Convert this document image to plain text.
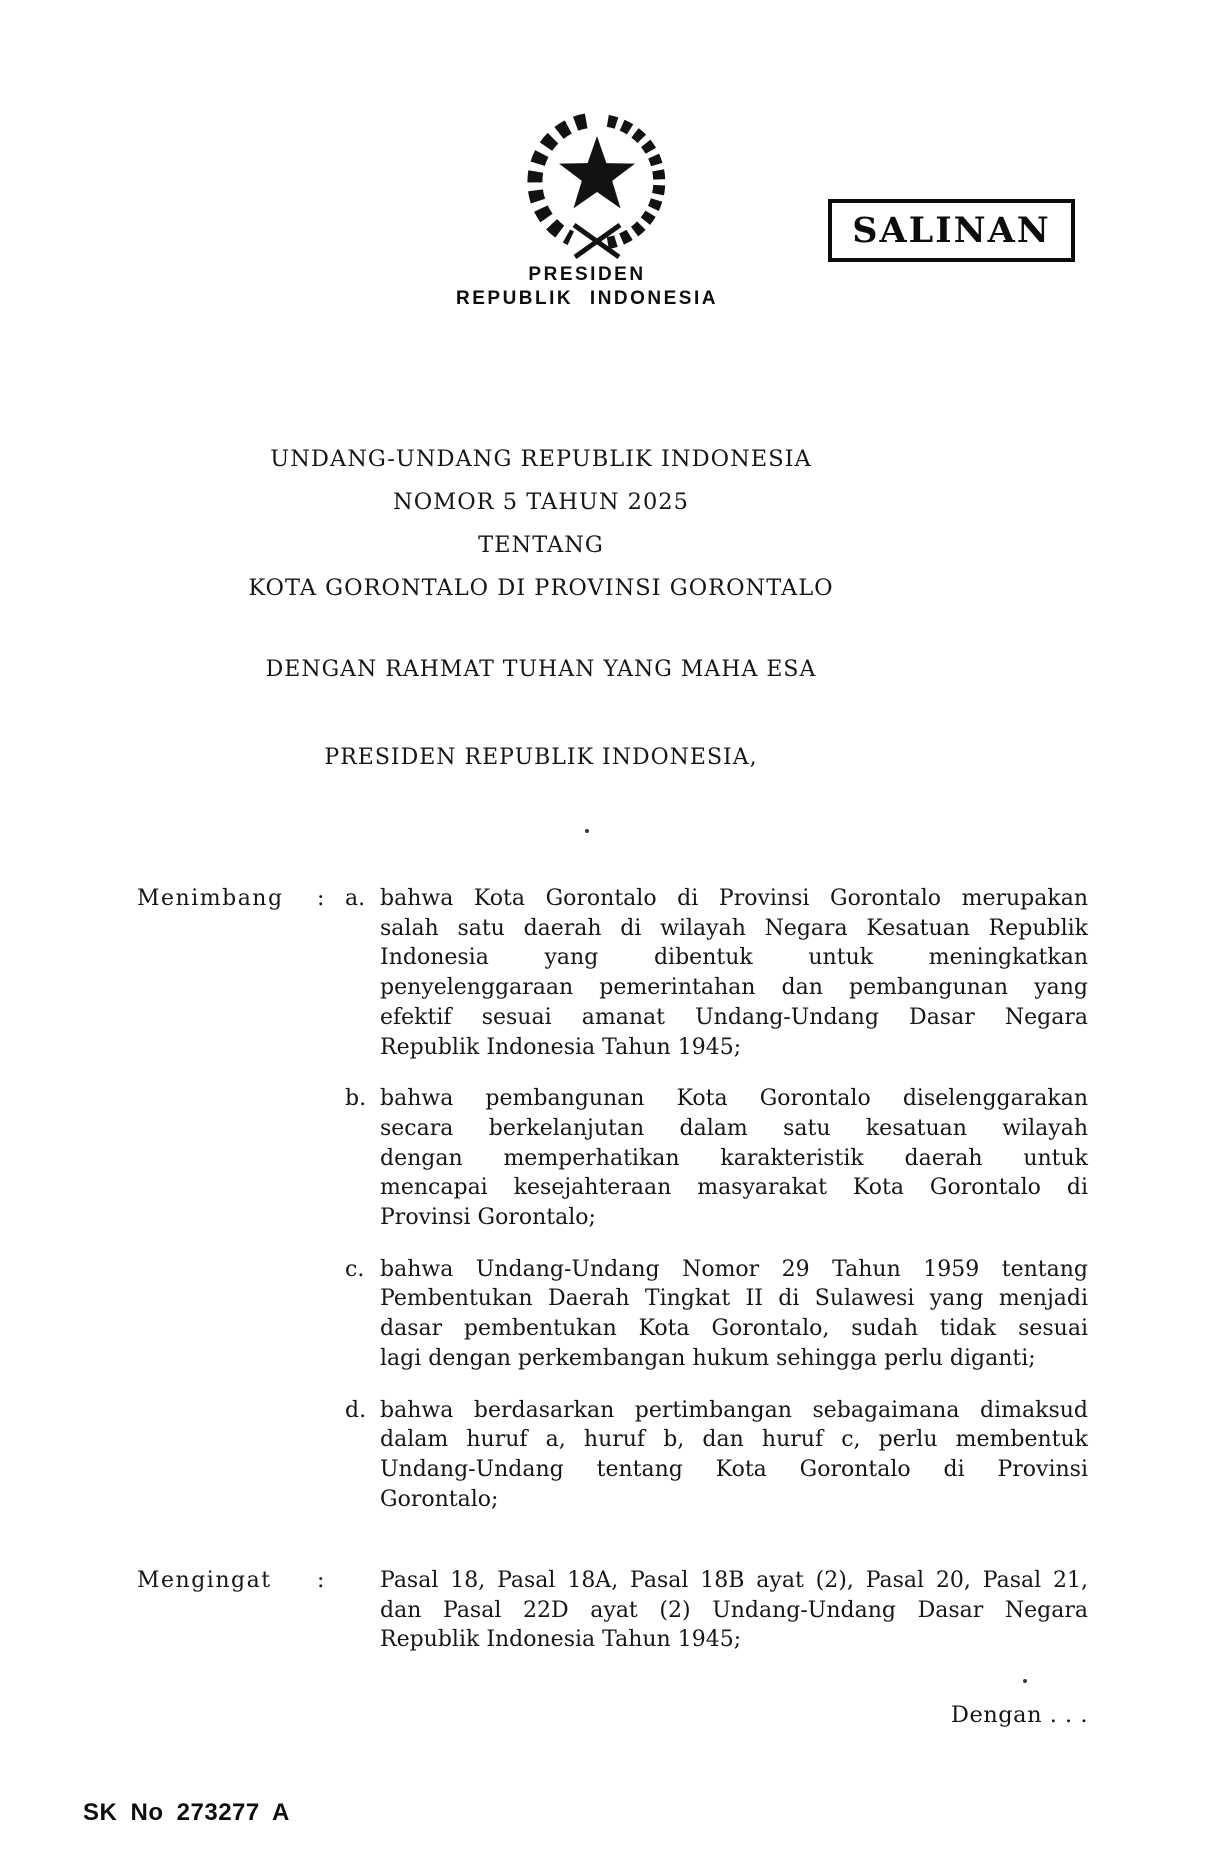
PRESIDEN
REPUBLIK INDONESIA
SALINAN
UNDANG-UNDANG REPUBLIK INDONESIA
NOMOR 5 TAHUN 2025
TENTANG
KOTA GORONTALO DI PROVINSI GORONTALO
DENGAN RAHMAT TUHAN YANG MAHA ESA
PRESIDEN REPUBLIK INDONESIA,
Menimbang : a. bahwa Kota Gorontalo di Provinsi Gorontalo merupakan
salah satu daerah di wilayah Negara Kesatuan Republik
Indonesia yang dibentuk untuk meningkatkan
penyelenggaraan pemerintahan dan pembangunan yang
efektif sesuai amanat Undang-Undang Dasar Negara
Republik Indonesia Tahun 1945;
b. bahwa pembangunan Kota Gorontalo diselenggarakan
secara berkelanjutan dalam satu kesatuan wilayah
dengan memperhatikan karakteristik daerah untuk
mencapai kesejahteraan masyarakat Kota Gorontalo di
Provinsi Gorontalo;
c. bahwa Undang-Undang Nomor 29 Tahun 1959 tentang
Pembentukan Daerah Tingkat II di Sulawesi yang menjadi
dasar pembentukan Kota Gorontalo, sudah tidak sesuai
lagi dengan perkembangan hukum sehingga perlu diganti;
d. bahwa berdasarkan pertimbangan sebagaimana dimaksud
dalam huruf a, huruf b, dan huruf c, perlu membentuk
Undang-Undang tentang Kota Gorontalo di Provinsi
Gorontalo;
Mengingat :	Pasal 18, Pasal 18A, Pasal 18B ayat (2), Pasal 20, Pasal 21,
dan Pasal 22D ayat (2) Undang-Undang Dasar Negara
Republik Indonesia Tahun 1945;
Dengan . . .
SK No 273277 A
